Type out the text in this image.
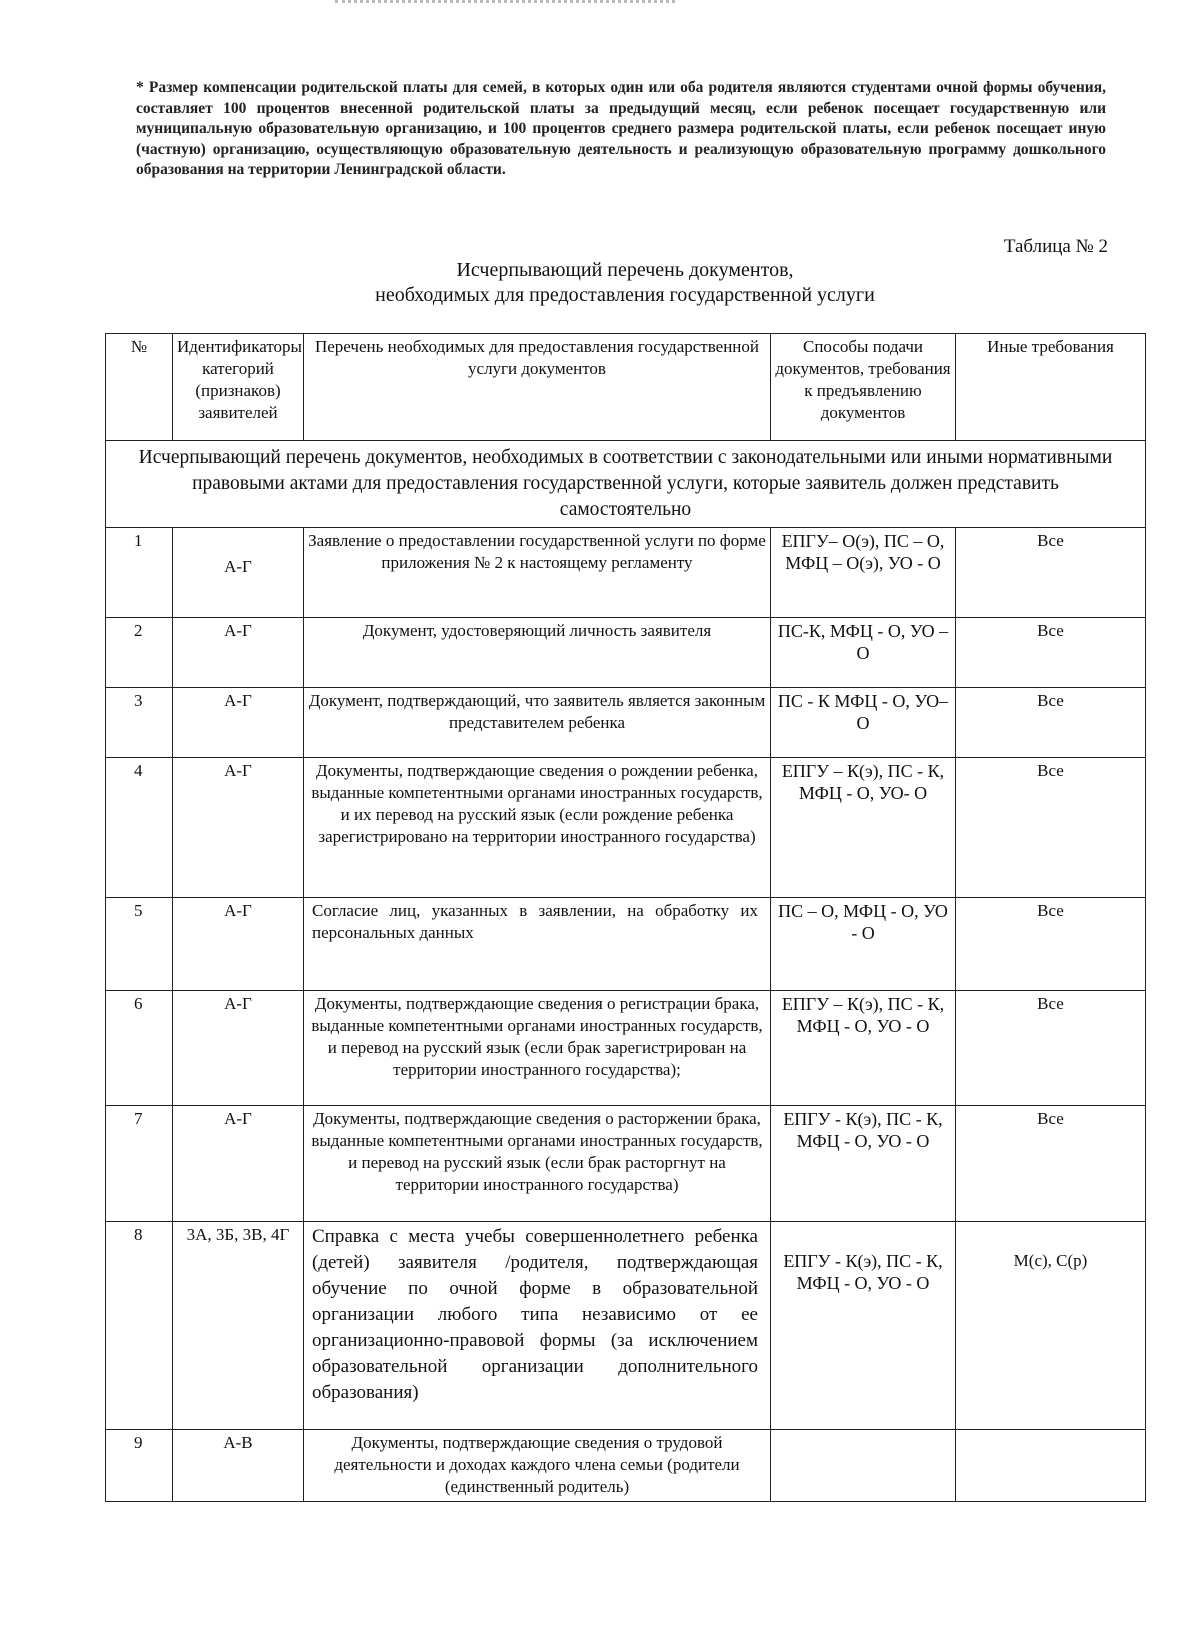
* Размер компенсации родительской платы для семей, в которых один или оба родителя являются студентами очной формы обучения, составляет 100 процентов внесенной родительской платы за предыдущий месяц, если ребенок посещает государственную или муниципальную образовательную организацию, и 100 процентов среднего размера родительской платы, если ребенок посещает иную (частную) организацию, осуществляющую образовательную деятельность и реализующую образовательную программу дошкольного образования на территории Ленинградской области.
Таблица № 2
Исчерпывающий перечень документов,
необходимых для предоставления государственной услуги
№	Идентификаторы категорий (признаков) заявителей	Перечень необходимых для предоставления государственной услуги документов	Способы подачи документов, требования к предъявлению документов	Иные требования
Исчерпывающий перечень документов, необходимых в соответствии с законодательными или иными нормативными правовыми актами для предоставления государственной услуги, которые заявитель должен представить самостоятельно				
1	А-Г	Заявление о предоставлении государственной услуги по форме приложения № 2 к настоящему регламенту	ЕПГУ– О(э), ПС – О, МФЦ – О(э), УО - О	Все
2	А-Г	Документ, удостоверяющий личность заявителя	ПС-К, МФЦ - О, УО – О	Все
3	А-Г	Документ, подтверждающий, что заявитель является законным представителем ребенка	ПС - К МФЦ - О, УО– О	Все
4	А-Г	Документы, подтверждающие сведения о рождении ребенка, выданные компетентными органами иностранных государств, и их перевод на русский язык (если рождение ребенка зарегистрировано на территории иностранного государства)	ЕПГУ – К(э), ПС - К, МФЦ - О, УО- О	Все
5	А-Г	Согласие лиц, указанных в заявлении, на обработку их персональных данных	ПС – О, МФЦ - О, УО - О	Все
6	А-Г	Документы, подтверждающие сведения о регистрации брака, выданные компетентными органами иностранных государств, и перевод на русский язык (если брак зарегистрирован на территории иностранного государства);	ЕПГУ – К(э), ПС - К, МФЦ - О, УО - О	Все
7	А-Г	Документы, подтверждающие сведения о расторжении брака, выданные компетентными органами иностранных государств, и перевод на русский язык (если брак расторгнут на территории иностранного государства)	ЕПГУ - К(э), ПС - К, МФЦ - О, УО - О	Все
8	3А, 3Б, 3В, 4Г	Справка с места учебы совершеннолетнего ребенка (детей) заявителя /родителя, подтверждающая обучение по очной форме в образовательной организации любого типа независимо от ее организационно-правовой формы (за исключением образовательной организации дополнительного образования)	ЕПГУ - К(э), ПС - К, МФЦ - О, УО - О	М(с), С(р)
9	А-В	Документы, подтверждающие сведения о трудовой деятельности и доходах каждого члена семьи (родители (единственный родитель)		
